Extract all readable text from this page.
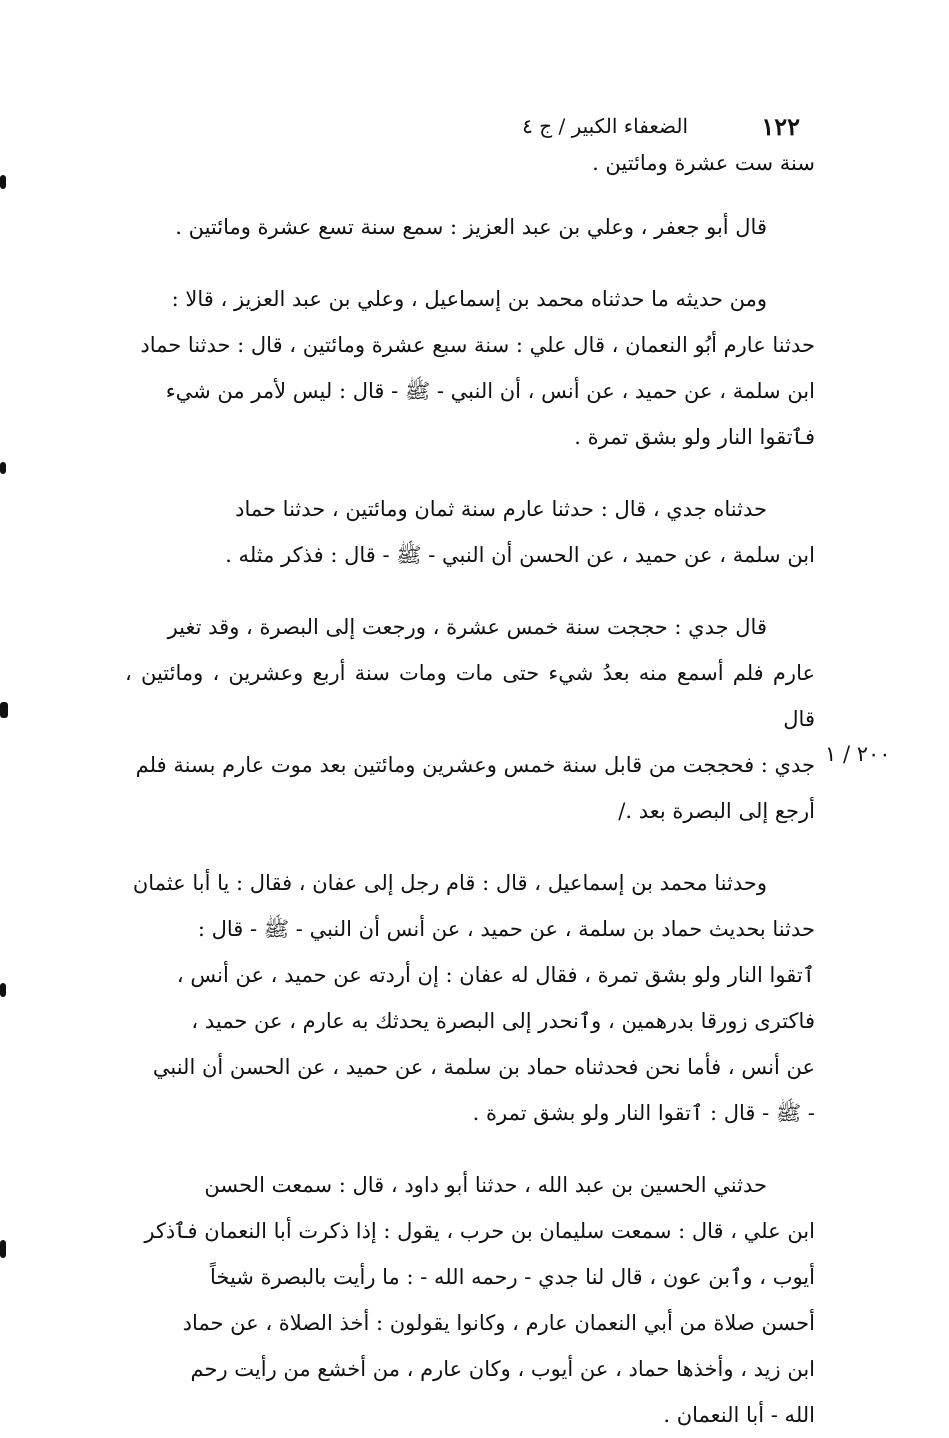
١٢٢
الضعفاء الكبير / ج ٤
٢٠٠ / ١

سنة ست عشرة ومائتين .

قال أبو جعفر ، وعلي بن عبد العزيز : سمع سنة تسع عشرة ومائتين .

ومن حديثه ما حدثناه محمد بن إسماعيل ، وعلي بن عبد العزيز ، قالا :
حدثنا عارم أبُو النعمان ، قال علي : سنة سبع عشرة ومائتين ، قال : حدثنا حماد
ابن سلمة ، عن حميد ، عن أنس ، أن النبي - ﷺ - قال : ليس لأمر من شيء
فٱتقوا النار ولو بشق تمرة .

حدثناه جدي ، قال : حدثنا عارم سنة ثمان ومائتين ، حدثنا حماد
ابن سلمة ، عن حميد ، عن الحسن أن النبي - ﷺ - قال : فذكر مثله .

قال جدي : حججت سنة خمس عشرة ، ورجعت إلى البصرة ، وقد تغير
عارم فلم أسمع منه بعدُ شيء حتى مات ومات سنة أربع وعشرين ، ومائتين ، قال
جدي : فحججت من قابل سنة خمس وعشرين ومائتين بعد موت عارم بسنة فلم
أرجع إلى البصرة بعد ./

وحدثنا محمد بن إسماعيل ، قال : قام رجل إلى عفان ، فقال : يا أبا عثمان
حدثنا بحديث حماد بن سلمة ، عن حميد ، عن أنس أن النبي - ﷺ - قال :
ٱتقوا النار ولو بشق تمرة ، فقال له عفان : إن أردته عن حميد ، عن أنس ،
فاكترى زورقا بدرهمين ، وٱنحدر إلى البصرة يحدثك به عارم ، عن حميد ،
عن أنس ، فأما نحن فحدثناه حماد بن سلمة ، عن حميد ، عن الحسن أن النبي
- ﷺ - قال : ٱتقوا النار ولو بشق تمرة .

حدثني الحسين بن عبد الله ، حدثنا أبو داود ، قال : سمعت الحسن
ابن علي ، قال : سمعت سليمان بن حرب ، يقول : إذا ذكرت أبا النعمان فٱذكر
أيوب ، وٱبن عون ، قال لنا جدي - رحمه الله - : ما رأيت بالبصرة شيخاً
أحسن صلاة من أبي النعمان عارم ، وكانوا يقولون : أخذ الصلاة ، عن حماد
ابن زيد ، وأخذها حماد ، عن أيوب ، وكان عارم ، من أخشع من رأيت رحم
الله - أبا النعمان .
